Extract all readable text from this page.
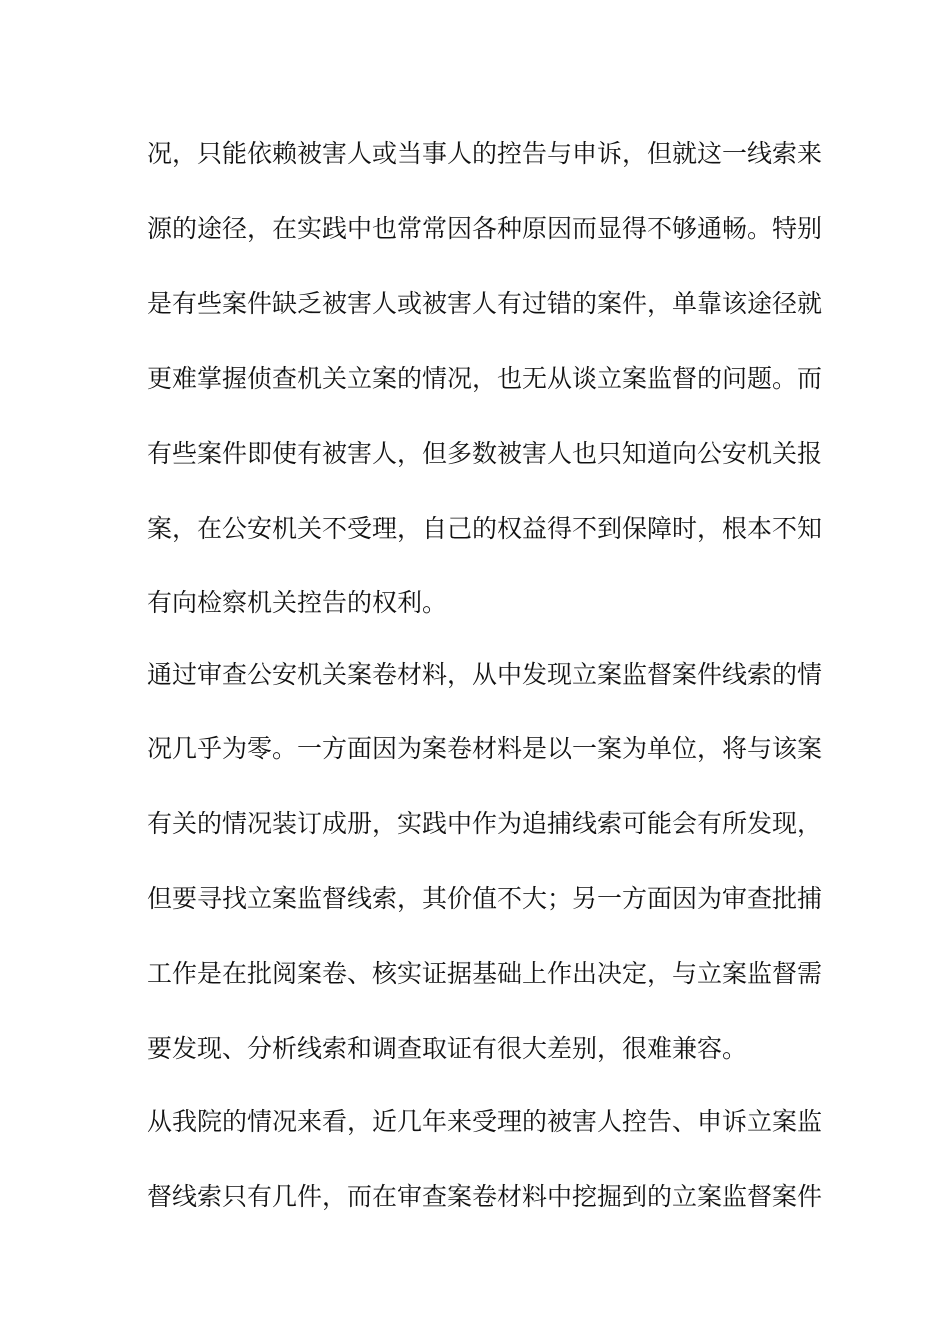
况，只能依赖被害人或当事人的控告与申诉，但就这一线索来
源的途径，在实践中也常常因各种原因而显得不够通畅。特别
是有些案件缺乏被害人或被害人有过错的案件，单靠该途径就
更难掌握侦查机关立案的情况，也无从谈立案监督的问题。而
有些案件即使有被害人，但多数被害人也只知道向公安机关报
案，在公安机关不受理，自己的权益得不到保障时，根本不知
有向检察机关控告的权利。
通过审查公安机关案卷材料，从中发现立案监督案件线索的情
况几乎为零。一方面因为案卷材料是以一案为单位，将与该案
有关的情况装订成册，实践中作为追捕线索可能会有所发现，
但要寻找立案监督线索，其价值不大；另一方面因为审查批捕
工作是在批阅案卷、核实证据基础上作出决定，与立案监督需
要发现、分析线索和调查取证有很大差别，很难兼容。
从我院的情况来看，近几年来受理的被害人控告、申诉立案监
督线索只有几件，而在审查案卷材料中挖掘到的立案监督案件
